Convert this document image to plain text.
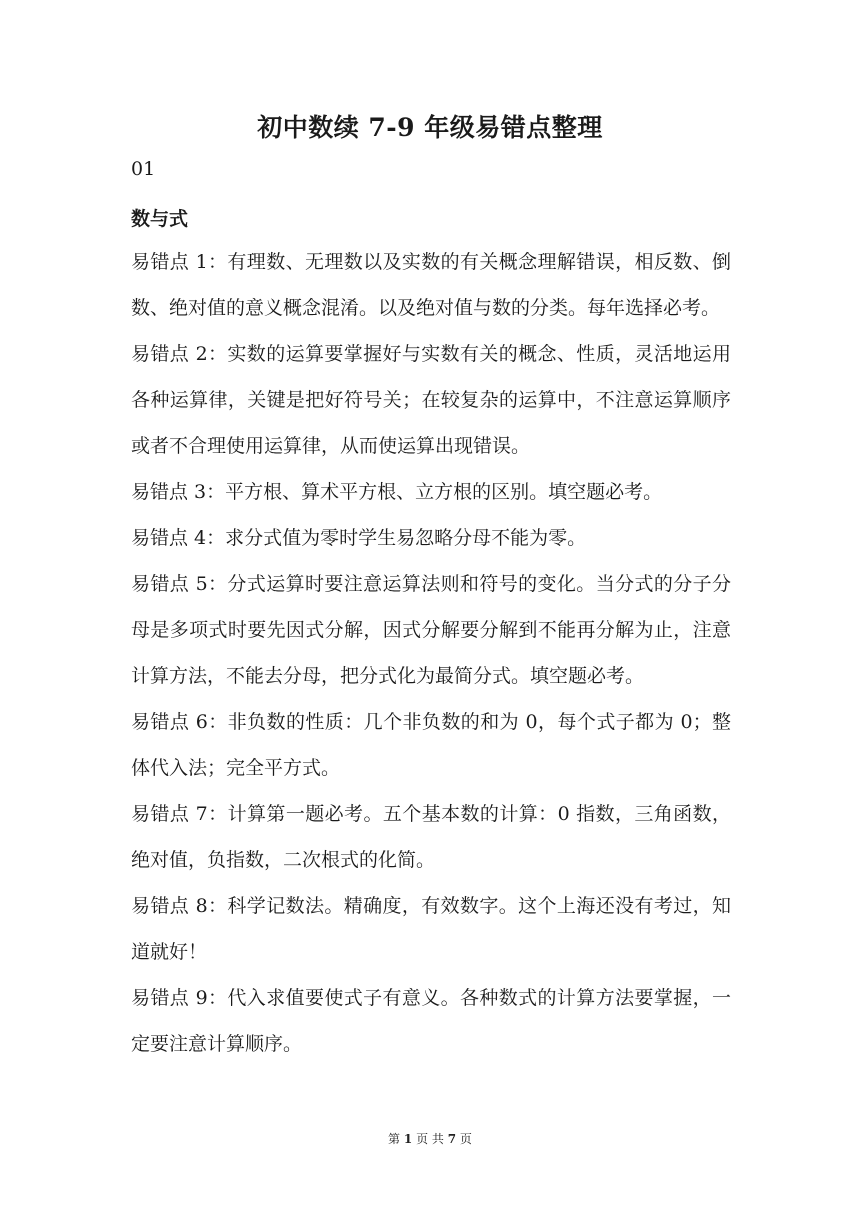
初中数续 7-9 年级易错点整理
01
数与式

易错点 1：有理数、无理数以及实数的有关概念理解错误，相反数、倒数、绝对值的意义概念混淆。以及绝对值与数的分类。每年选择必考。

易错点 2：实数的运算要掌握好与实数有关的概念、性质，灵活地运用各种运算律，关键是把好符号关；在较复杂的运算中，不注意运算顺序或者不合理使用运算律，从而使运算出现错误。

易错点 3：平方根、算术平方根、立方根的区别。填空题必考。

易错点 4：求分式值为零时学生易忽略分母不能为零。

易错点 5：分式运算时要注意运算法则和符号的变化。当分式的分子分母是多项式时要先因式分解，因式分解要分解到不能再分解为止，注意计算方法，不能去分母，把分式化为最简分式。填空题必考。

易错点 6：非负数的性质：几个非负数的和为 0，每个式子都为 0；整体代入法；完全平方式。

易错点 7：计算第一题必考。五个基本数的计算：0 指数，三角函数，绝对值，负指数，二次根式的化简。

易错点 8：科学记数法。精确度，有效数字。这个上海还没有考过，知道就好！

易错点 9：代入求值要使式子有意义。各种数式的计算方法要掌握，一定要注意计算顺序。

第 1 页 共 7 页
